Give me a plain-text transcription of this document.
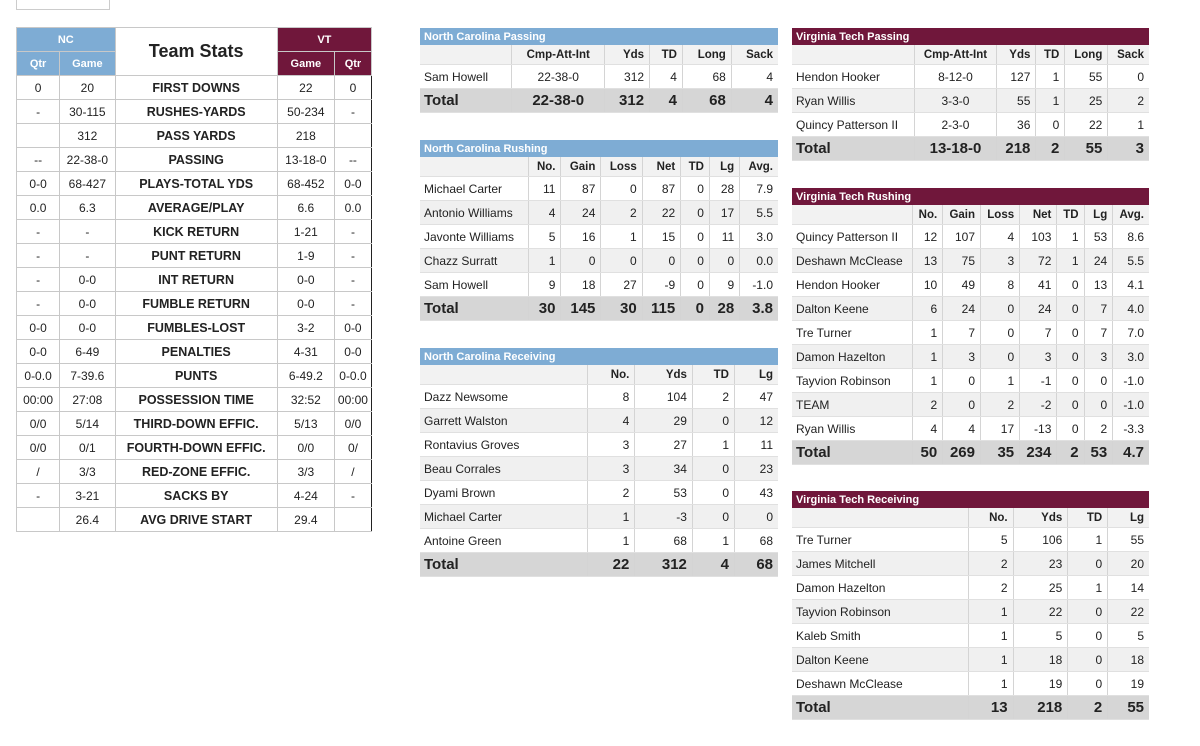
NC		Team Stats	VT	
Qtr	Game		Game	Qtr
0	20	FIRST DOWNS	22	0
-	30-115	RUSHES-YARDS	50-234	-
	312	PASS YARDS	218	
--	22-38-0	PASSING	13-18-0	--
0-0	68-427	PLAYS-TOTAL YDS	68-452	0-0
0.0	6.3	AVERAGE/PLAY	6.6	0.0
-	-	KICK RETURN	1-21	-
-	-	PUNT RETURN	1-9	-
-	0-0	INT RETURN	0-0	-
-	0-0	FUMBLE RETURN	0-0	-
0-0	0-0	FUMBLES-LOST	3-2	0-0
0-0	6-49	PENALTIES	4-31	0-0
0-0.0	7-39.6	PUNTS	6-49.2	0-0.0
00:00	27:08	POSSESSION TIME	32:52	00:00
0/0	5/14	THIRD-DOWN EFFIC.	5/13	0/0
0/0	0/1	FOURTH-DOWN EFFIC.	0/0	0/
/	3/3	RED-ZONE EFFIC.	3/3	/
-	3-21	SACKS BY	4-24	-
	26.4	AVG DRIVE START	29.4	
North Carolina Passing					
	Cmp-Att-Int	Yds	TD	Long	Sack
Sam Howell	22-38-0	312	4	68	4
Total	22-38-0	312	4	68	4
North Carolina Rushing							
	No.	Gain	Loss	Net	TD	Lg	Avg.
Michael Carter	11	87	0	87	0	28	7.9
Antonio Williams	4	24	2	22	0	17	5.5
Javonte Williams	5	16	1	15	0	11	3.0
Chazz Surratt	1	0	0	0	0	0	0.0
Sam Howell	9	18	27	-9	0	9	-1.0
Total	30	145	30	115	0	28	3.8
North Carolina Receiving				
	No.	Yds	TD	Lg
Dazz Newsome	8	104	2	47
Garrett Walston	4	29	0	12
Rontavius Groves	3	27	1	11
Beau Corrales	3	34	0	23
Dyami Brown	2	53	0	43
Michael Carter	1	-3	0	0
Antoine Green	1	68	1	68
Total	22	312	4	68
Virginia Tech Passing					
	Cmp-Att-Int	Yds	TD	Long	Sack
Hendon Hooker	8-12-0	127	1	55	0
Ryan Willis	3-3-0	55	1	25	2
Quincy Patterson II	2-3-0	36	0	22	1
Total	13-18-0	218	2	55	3
Virginia Tech Rushing							
	No.	Gain	Loss	Net	TD	Lg	Avg.
Quincy Patterson II	12	107	4	103	1	53	8.6
Deshawn McClease	13	75	3	72	1	24	5.5
Hendon Hooker	10	49	8	41	0	13	4.1
Dalton Keene	6	24	0	24	0	7	4.0
Tre Turner	1	7	0	7	0	7	7.0
Damon Hazelton	1	3	0	3	0	3	3.0
Tayvion Robinson	1	0	1	-1	0	0	-1.0
TEAM	2	0	2	-2	0	0	-1.0
Ryan Willis	4	4	17	-13	0	2	-3.3
Total	50	269	35	234	2	53	4.7
Virginia Tech Receiving				
	No.	Yds	TD	Lg
Tre Turner	5	106	1	55
James Mitchell	2	23	0	20
Damon Hazelton	2	25	1	14
Tayvion Robinson	1	22	0	22
Kaleb Smith	1	5	0	5
Dalton Keene	1	18	0	18
Deshawn McClease	1	19	0	19
Total	13	218	2	55
